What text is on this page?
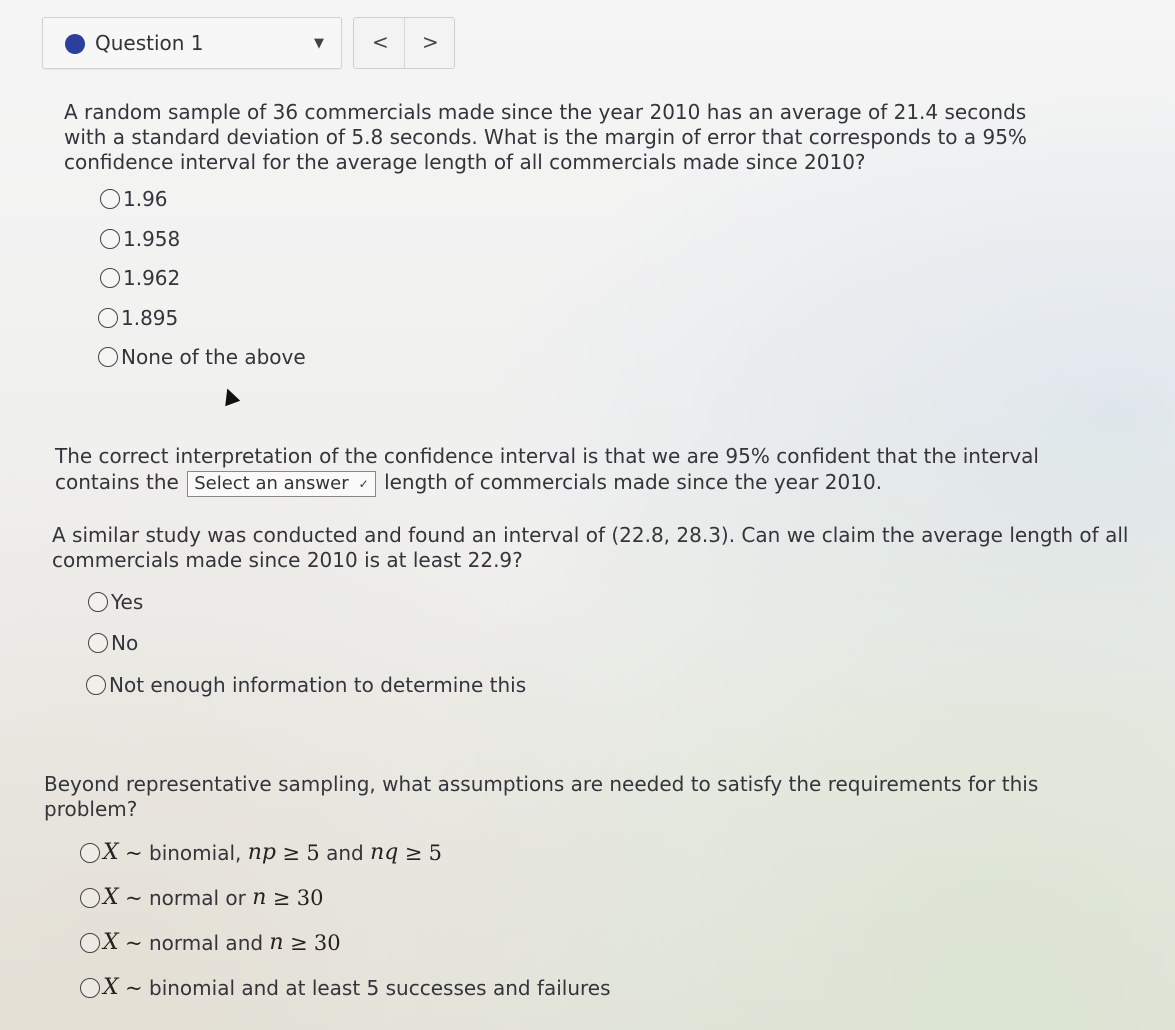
Question 1	▼ < >
A random sample of 36 commercials made since the year 2010 has an average of 21.4 seconds with a standard deviation of 5.8 seconds. What is the margin of error that corresponds to a 95% confidence interval for the average length of all commercials made since 2010?
1.96
1.958
1.962
1.895
None of the above
The correct interpretation of the confidence interval is that we are 95% confident that the interval contains the Select an answer ✓ length of commercials made since the year 2010.
A similar study was conducted and found an interval of (22.8, 28.3). Can we claim the average length of all commercials made since 2010 is at least 22.9?
Yes
No
Not enough information to determine this
Beyond representative sampling, what assumptions are needed to satisfy the requirements for this problem?
X
~
binomial,
np
≥
5
and
nq
≥
5
X
~
normal or
n
≥
30
X
~
normal and
n
≥
30
X
~
binomial and at least 5 successes and failures
